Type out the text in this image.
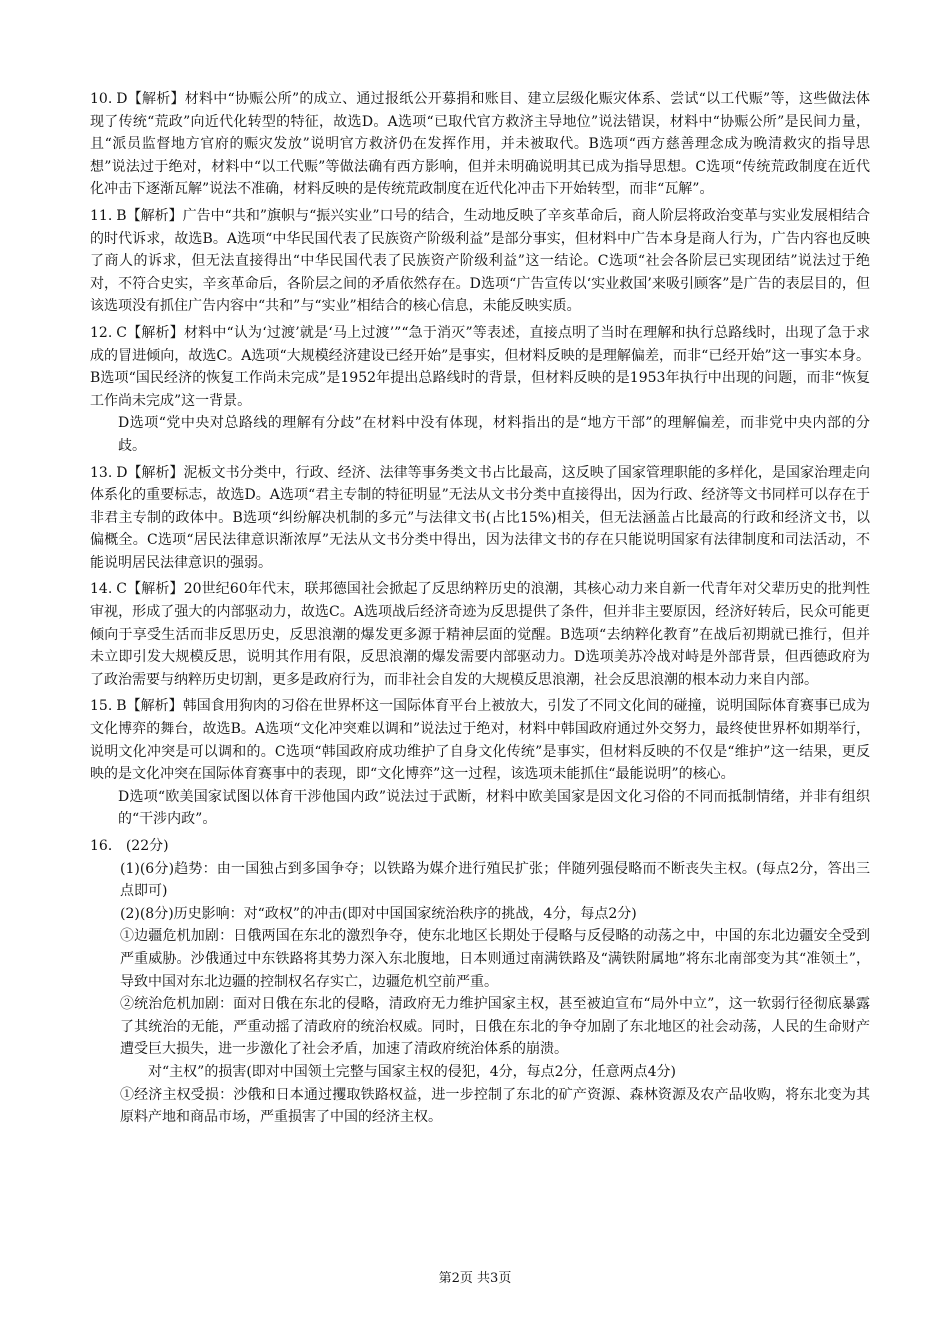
10. D【解析】材料中“协赈公所”的成立、通过报纸公开募捐和账目、建立层级化赈灾体系、尝试“以工代赈”等，这些做法体现了传统“荒政”向近代化转型的特征，故选D。A选项“已取代官方救济主导地位”说法错误，材料中“协赈公所”是民间力量，且“派员监督地方官府的赈灾发放”说明官方救济仍在发挥作用，并未被取代。B选项“西方慈善理念成为晚清救灾的指导思想”说法过于绝对，材料中“以工代赈”等做法确有西方影响，但并未明确说明其已成为指导思想。C选项“传统荒政制度在近代化冲击下逐渐瓦解”说法不准确，材料反映的是传统荒政制度在近代化冲击下开始转型，而非“瓦解”。
11. B【解析】广告中“共和”旗帜与“振兴实业”口号的结合，生动地反映了辛亥革命后，商人阶层将政治变革与实业发展相结合的时代诉求，故选B。A选项“中华民国代表了民族资产阶级利益”是部分事实，但材料中广告本身是商人行为，广告内容也反映了商人的诉求，但无法直接得出“中华民国代表了民族资产阶级利益”这一结论。C选项“社会各阶层已实现团结”说法过于绝对，不符合史实，辛亥革命后，各阶层之间的矛盾依然存在。D选项“广告宣传以‘实业救国’来吸引顾客”是广告的表层目的，但该选项没有抓住广告内容中“共和”与“实业”相结合的核心信息，未能反映实质。
12. C【解析】材料中“认为‘过渡’就是‘马上过渡’”“急于消灭”等表述，直接点明了当时在理解和执行总路线时，出现了急于求成的冒进倾向，故选C。A选项“大规模经济建设已经开始”是事实，但材料反映的是理解偏差，而非“已经开始”这一事实本身。B选项“国民经济的恢复工作尚未完成”是1952年提出总路线时的背景，但材料反映的是1953年执行中出现的问题，而非“恢复工作尚未完成”这一背景。
D选项“党中央对总路线的理解有分歧”在材料中没有体现，材料指出的是“地方干部”的理解偏差，而非党中央内部的分歧。
13. D【解析】泥板文书分类中，行政、经济、法律等事务类文书占比最高，这反映了国家管理职能的多样化，是国家治理走向体系化的重要标志，故选D。A选项“君主专制的特征明显”无法从文书分类中直接得出，因为行政、经济等文书同样可以存在于非君主专制的政体中。B选项“纠纷解决机制的多元”与法律文书(占比15%)相关，但无法涵盖占比最高的行政和经济文书，以偏概全。C选项“居民法律意识渐浓厚”无法从文书分类中得出，因为法律文书的存在只能说明国家有法律制度和司法活动，不能说明居民法律意识的强弱。
14. C【解析】20世纪60年代末，联邦德国社会掀起了反思纳粹历史的浪潮，其核心动力来自新一代青年对父辈历史的批判性审视，形成了强大的内部驱动力，故选C。A选项战后经济奇迹为反思提供了条件，但并非主要原因，经济好转后，民众可能更倾向于享受生活而非反思历史，反思浪潮的爆发更多源于精神层面的觉醒。B选项“去纳粹化教育”在战后初期就已推行，但并未立即引发大规模反思，说明其作用有限，反思浪潮的爆发需要内部驱动力。D选项美苏冷战对峙是外部背景，但西德政府为了政治需要与纳粹历史切割，更多是政府行为，而非社会自发的大规模反思浪潮，社会反思浪潮的根本动力来自内部。
15. B【解析】韩国食用狗肉的习俗在世界杯这一国际体育平台上被放大，引发了不同文化间的碰撞，说明国际体育赛事已成为文化博弈的舞台，故选B。A选项“文化冲突难以调和”说法过于绝对，材料中韩国政府通过外交努力，最终使世界杯如期举行，说明文化冲突是可以调和的。C选项“韩国政府成功维护了自身文化传统”是事实，但材料反映的不仅是“维护”这一结果，更反映的是文化冲突在国际体育赛事中的表现，即“文化博弈”这一过程，该选项未能抓住“最能说明”的核心。
D选项“欧美国家试图以体育干涉他国内政”说法过于武断，材料中欧美国家是因文化习俗的不同而抵制情绪，并非有组织的“干涉内政”。
16． (22分)
(1)(6分)趋势：由一国独占到多国争夺；以铁路为媒介进行殖民扩张；伴随列强侵略而不断丧失主权。(每点2分，答出三点即可)
(2)(8分)历史影响：对“政权”的冲击(即对中国国家统治秩序的挑战，4分，每点2分)
①边疆危机加剧：日俄两国在东北的激烈争夺，使东北地区长期处于侵略与反侵略的动荡之中，中国的东北边疆安全受到严重威胁。沙俄通过中东铁路将其势力深入东北腹地，日本则通过南满铁路及“满铁附属地”将东北南部变为其“准领土”，导致中国对东北边疆的控制权名存实亡，边疆危机空前严重。
②统治危机加剧：面对日俄在东北的侵略，清政府无力维护国家主权，甚至被迫宣布“局外中立”，这一软弱行径彻底暴露了其统治的无能，严重动摇了清政府的统治权威。同时，日俄在东北的争夺加剧了东北地区的社会动荡，人民的生命财产遭受巨大损失，进一步激化了社会矛盾，加速了清政府统治体系的崩溃。
对“主权”的损害(即对中国领土完整与国家主权的侵犯，4分，每点2分，任意两点4分)
①经济主权受损：沙俄和日本通过攫取铁路权益，进一步控制了东北的矿产资源、森林资源及农产品收购，将东北变为其原料产地和商品市场，严重损害了中国的经济主权。
第2页 共3页
